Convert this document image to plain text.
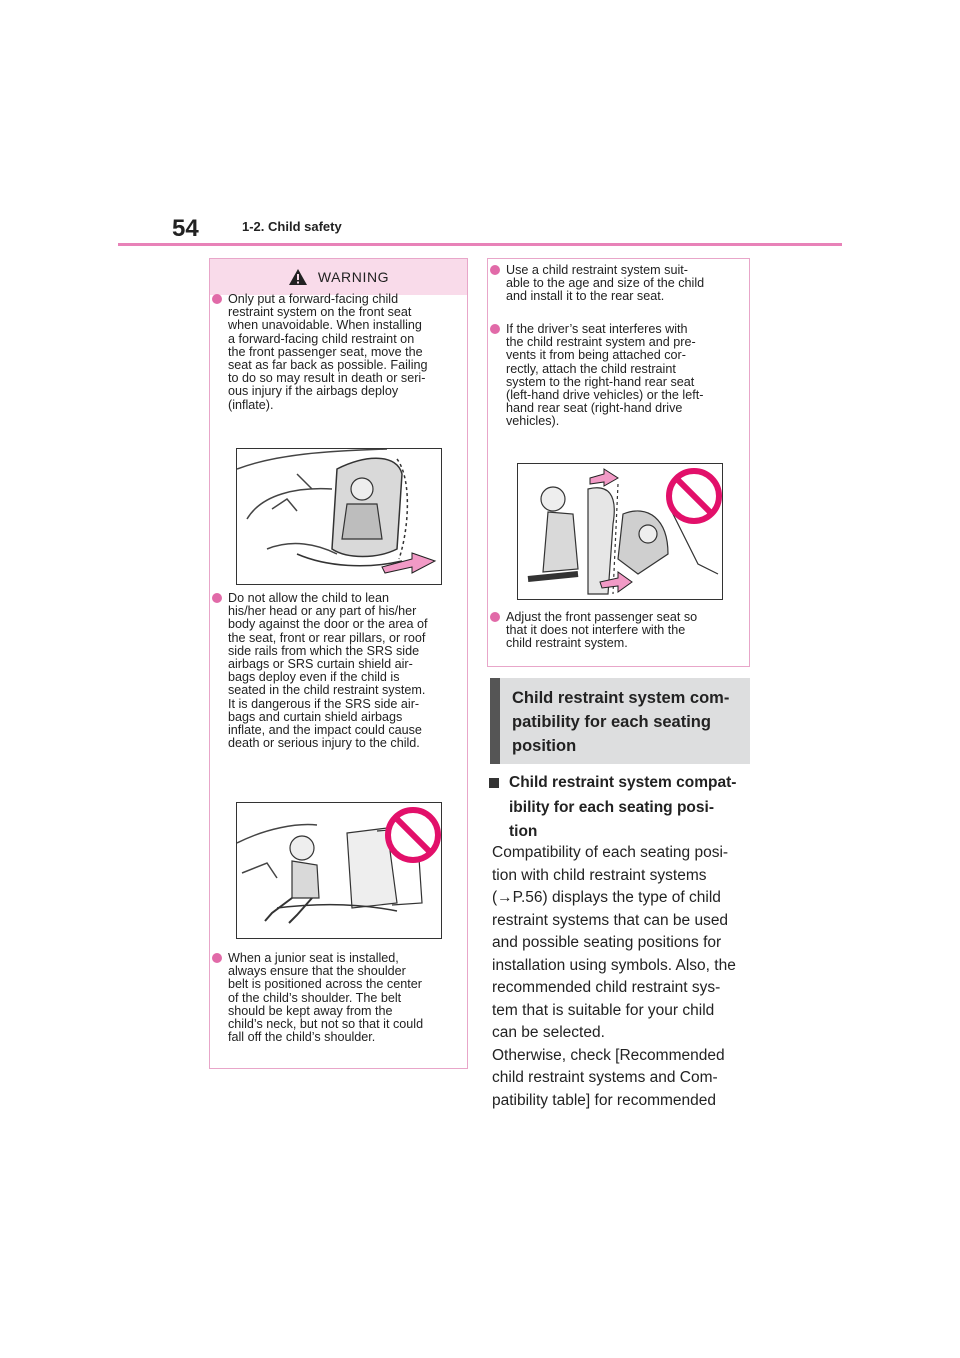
54	1-2. Child safety
WARNING
Only put a forward-facing child
restraint system on the front seat
when unavoidable. When installing
a forward-facing child restraint on
the front passenger seat, move the
seat as far back as possible. Failing
to do so may result in death or seri-
ous injury if the airbags deploy
(inflate).
Do not allow the child to lean
his/her head or any part of his/her
body against the door or the area of
the seat, front or rear pillars, or roof
side rails from which the SRS side
airbags or SRS curtain shield air-
bags deploy even if the child is
seated in the child restraint system.
It is dangerous if the SRS side air-
bags and curtain shield airbags
inflate, and the impact could cause
death or serious injury to the child.
When a junior seat is installed,
always ensure that the shoulder
belt is positioned across the center
of the child’s shoulder. The belt
should be kept away from the
child’s neck, but not so that it could
fall off the child’s shoulder.
Use a child restraint system suit-
able to the age and size of the child
and install it to the rear seat.
If the driver’s seat interferes with
the child restraint system and pre-
vents it from being attached cor-
rectly, attach the child restraint
system to the right-hand rear seat
(left-hand drive vehicles) or the left-
hand rear seat (right-hand drive
vehicles).
Adjust the front passenger seat so
that it does not interfere with the
child restraint system.
Child restraint system com-
patibility for each seating
position
Child restraint system compat-
ibility for each seating posi-
tion
Compatibility of each seating posi-
tion with child restraint systems
(→P.56) displays the type of child
restraint systems that can be used
and possible seating positions for
installation using symbols. Also, the
recommended child restraint sys-
tem that is suitable for your child
can be selected.
Otherwise, check [Recommended
child restraint systems and Com-
patibility table] for recommended
